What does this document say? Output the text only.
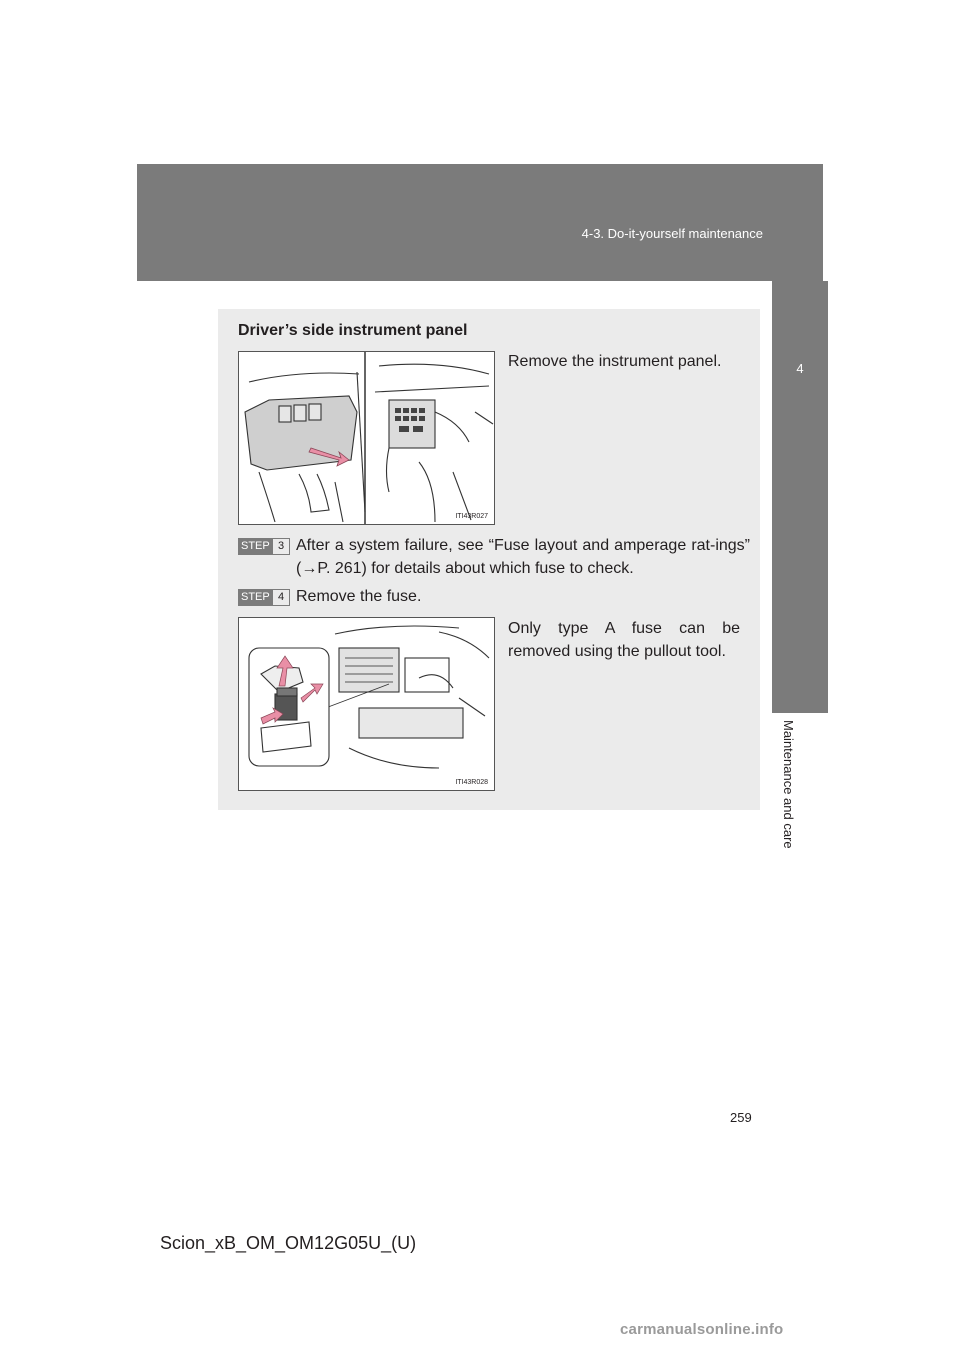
4-3. Do-it-yourself maintenance
4
Maintenance and care
Driver’s side instrument panel
ITI43R027
Remove the instrument panel.
STEP 3 After a system failure, see “Fuse layout and amperage rat-ings” (→P. 261) for details about which fuse to check.
STEP 4 Remove the fuse.
ITI43R028
Only type A fuse can be removed using the pullout tool.
259
Scion_xB_OM_OM12G05U_(U)
carmanualsonline.info
